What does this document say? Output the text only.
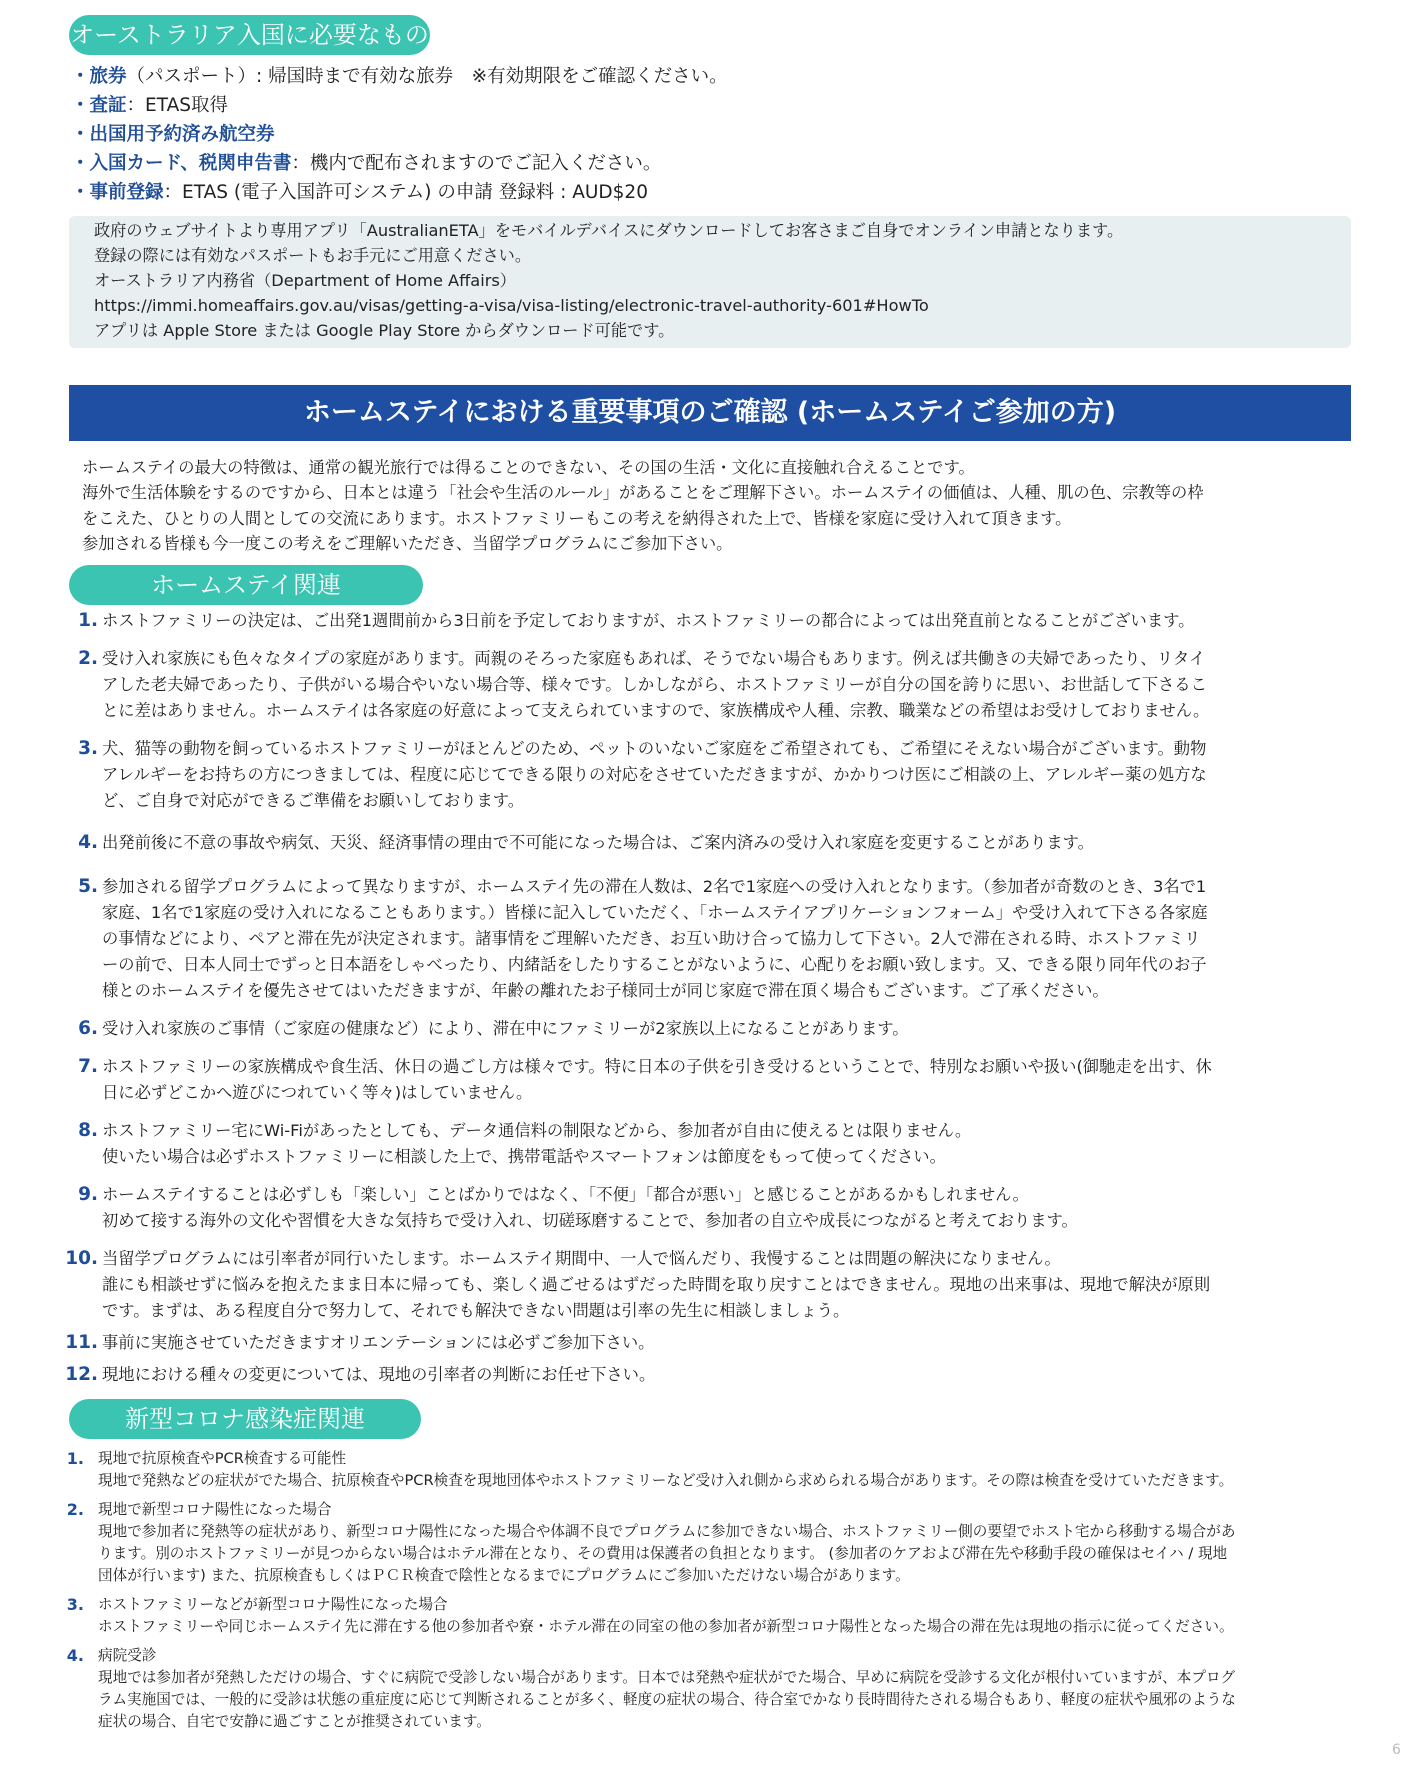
オーストラリア入国に必要なもの
・旅券（パスポート）: 帰国時まで有効な旅券　※有効期限をご確認ください。
・査証：ETAS取得
・出国用予約済み航空券
・入国カード、税関申告書：機内で配布されますのでご記入ください。
・事前登録：ETAS (電子入国許可システム) の申請 登録料 : AUD$20
政府のウェブサイトより専用アプリ「AustralianETA」をモバイルデバイスにダウンロードしてお客さまご自身でオンライン申請となります。
登録の際には有効なパスポートもお手元にご用意ください。
オーストラリア内務省（Department of Home Affairs）
https://immi.homeaffairs.gov.au/visas/getting-a-visa/visa-listing/electronic-travel-authority-601#HowTo
アプリは Apple Store または Google Play Store からダウンロード可能です。
ホームステイにおける重要事項のご確認 (ホームステイご参加の方)
ホームステイの最大の特徴は、通常の観光旅行では得ることのできない、その国の生活・文化に直接触れ合えることです。
海外で生活体験をするのですから、日本とは違う「社会や生活のルール」があることをご理解下さい。ホームステイの価値は、人種、肌の色、宗教等の枠
をこえた、ひとりの人間としての交流にあります。ホストファミリーもこの考えを納得された上で、皆様を家庭に受け入れて頂きます。
参加される皆様も今一度この考えをご理解いただき、当留学プログラムにご参加下さい。
ホームステイ関連
1. ホストファミリーの決定は、ご出発1週間前から3日前を予定しておりますが、ホストファミリーの都合によっては出発直前となることがございます。
2. 受け入れ家族にも色々なタイプの家庭があります。両親のそろった家庭もあれば、そうでない場合もあります。例えば共働きの夫婦であったり、リタイ
アした老夫婦であったり、子供がいる場合やいない場合等、様々です。しかしながら、ホストファミリーが自分の国を誇りに思い、お世話して下さるこ
とに差はありません。ホームステイは各家庭の好意によって支えられていますので、家族構成や人種、宗教、職業などの希望はお受けしておりません。
3. 犬、猫等の動物を飼っているホストファミリーがほとんどのため、ペットのいないご家庭をご希望されても、ご希望にそえない場合がございます。動物
アレルギーをお持ちの方につきましては、程度に応じてできる限りの対応をさせていただきますが、かかりつけ医にご相談の上、アレルギー薬の処方な
ど、ご自身で対応ができるご準備をお願いしております。
4. 出発前後に不意の事故や病気、天災、経済事情の理由で不可能になった場合は、ご案内済みの受け入れ家庭を変更することがあります。
5. 参加される留学プログラムによって異なりますが、ホームステイ先の滞在人数は、2名で1家庭への受け入れとなります。（参加者が奇数のとき、3名で1
家庭、1名で1家庭の受け入れになることもあります。）皆様に記入していただく、「ホームステイアプリケーションフォーム」や受け入れて下さる各家庭
の事情などにより、ペアと滞在先が決定されます。諸事情をご理解いただき、お互い助け合って協力して下さい。2人で滞在される時、ホストファミリ
ーの前で、日本人同士でずっと日本語をしゃべったり、内緒話をしたりすることがないように、心配りをお願い致します。又、できる限り同年代のお子
様とのホームステイを優先させてはいただきますが、年齢の離れたお子様同士が同じ家庭で滞在頂く場合もございます。ご了承ください。
6. 受け入れ家族のご事情（ご家庭の健康など）により、滞在中にファミリーが2家族以上になることがあります。
7. ホストファミリーの家族構成や食生活、休日の過ごし方は様々です。特に日本の子供を引き受けるということで、特別なお願いや扱い(御馳走を出す、休
日に必ずどこかへ遊びにつれていく等々)はしていません。
8. ホストファミリー宅にWi-Fiがあったとしても、データ通信料の制限などから、参加者が自由に使えるとは限りません。
使いたい場合は必ずホストファミリーに相談した上で、携帯電話やスマートフォンは節度をもって使ってください。
9. ホームステイすることは必ずしも「楽しい」ことばかりではなく、「不便」「都合が悪い」と感じることがあるかもしれません。
初めて接する海外の文化や習慣を大きな気持ちで受け入れ、切磋琢磨することで、参加者の自立や成長につながると考えております。
10. 当留学プログラムには引率者が同行いたします。ホームステイ期間中、一人で悩んだり、我慢することは問題の解決になりません。
誰にも相談せずに悩みを抱えたまま日本に帰っても、楽しく過ごせるはずだった時間を取り戻すことはできません。現地の出来事は、現地で解決が原則
です。まずは、ある程度自分で努力して、それでも解決できない問題は引率の先生に相談しましょう。
11. 事前に実施させていただきますオリエンテーションには必ずご参加下さい。
12. 現地における種々の変更については、現地の引率者の判断にお任せ下さい。
新型コロナ感染症関連
1. 現地で抗原検査やPCR検査する可能性
現地で発熱などの症状がでた場合、抗原検査やPCR検査を現地団体やホストファミリーなど受け入れ側から求められる場合があります。その際は検査を受けていただきます。
2. 現地で新型コロナ陽性になった場合
現地で参加者に発熱等の症状があり、新型コロナ陽性になった場合や体調不良でプログラムに参加できない場合、ホストファミリー側の要望でホスト宅から移動する場合があ
ります。別のホストファミリーが見つからない場合はホテル滞在となり、その費用は保護者の負担となります。 (参加者のケアおよび滞在先や移動手段の確保はセイハ / 現地
団体が行います) また、抗原検査もしくはＰＣＲ検査で陰性となるまでにプログラムにご参加いただけない場合があります。
3. ホストファミリーなどが新型コロナ陽性になった場合
ホストファミリーや同じホームステイ先に滞在する他の参加者や寮・ホテル滞在の同室の他の参加者が新型コロナ陽性となった場合の滞在先は現地の指示に従ってください。
4. 病院受診
現地では参加者が発熱しただけの場合、すぐに病院で受診しない場合があります。日本では発熱や症状がでた場合、早めに病院を受診する文化が根付いていますが、本プログ
ラム実施国では、一般的に受診は状態の重症度に応じて判断されることが多く、軽度の症状の場合、待合室でかなり長時間待たされる場合もあり、軽度の症状や風邪のような
症状の場合、自宅で安静に過ごすことが推奨されています。
6
